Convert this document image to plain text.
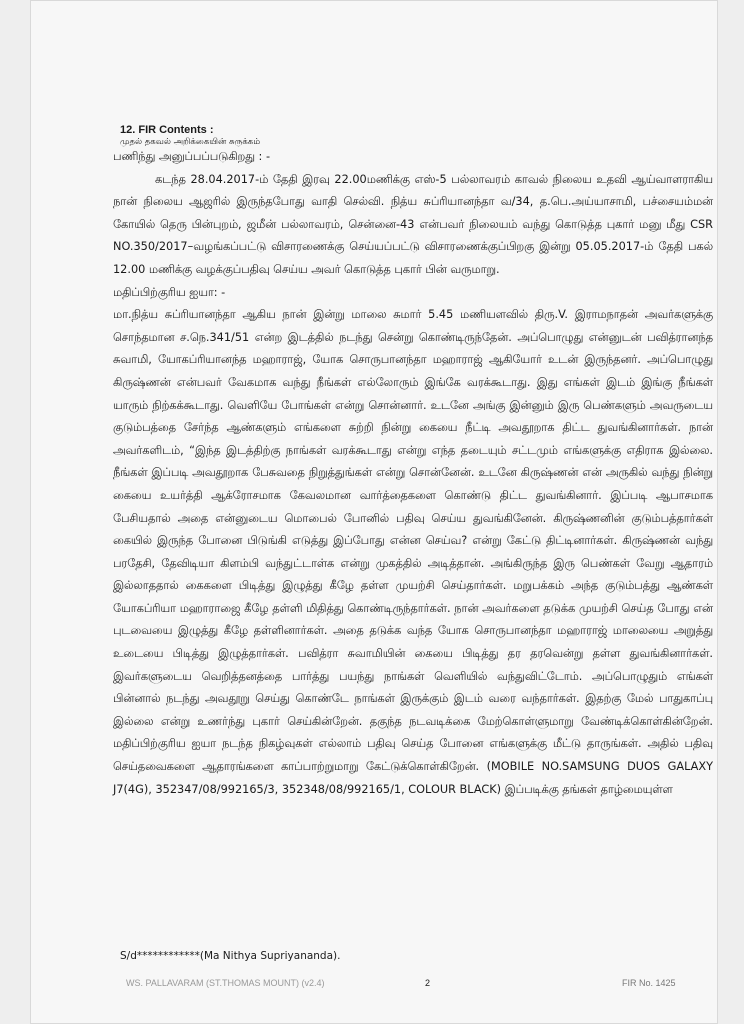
12. FIR Contents :
முதல் தகவல் அறிக்கையின் சுருக்கம்

பணிந்து அனுப்பப்படுகிறது : -

கடந்த 28.04.2017-ம் தேதி இரவு 22.00மணிக்கு எஸ்-5 பல்லாவரம் காவல் நிலைய உதவி ஆய்வாளராகிய நான் நிலைய ஆஜரில் இருந்தபோது வாதி செல்வி. நித்ய சுப்ரியானந்தா வ/34, த.பெ.அய்யாசாமி, பச்சையம்மன் கோயில் தெரு பின்புறம், ஜமீன் பல்லாவரம், சென்னை-43 என்பவர் நிலையம் வந்து கொடுத்த புகார் மனு மீது CSR NO.350/2017–வழங்கப்பட்டு விசாரணைக்கு செய்யப்பட்டு விசாரணைக்குப்பிறகு இன்று 05.05.2017-ம் தேதி பகல் 12.00 மணிக்கு வழக்குப்பதிவு செய்ய அவர் கொடுத்த புகார் பின் வருமாறு.

மதிப்பிற்குரிய ஐயா: -

மா.நித்ய சுப்ரியானந்தா ஆகிய நான் இன்று மாலை சுமார் 5.45 மணியளவில் திரு.V. இராமநாதன் அவர்களுக்கு சொந்தமான ச.நெ.341/51 என்ற இடத்தில் நடந்து சென்று கொண்டிருந்தேன். அப்பொழுது என்னுடன் பவித்ரானந்த சுவாமி, யோகப்ரியானந்த மஹாராஜ், யோக சொருபானந்தா மஹாராஜ் ஆகியோர் உடன் இருந்தனர். அப்பொழுது கிருஷ்ணன் என்பவர் வேகமாக வந்து நீங்கள் எல்லோரும் இங்கே வரக்கூடாது. இது எங்கள் இடம் இங்கு நீங்கள் யாரும் நிற்கக்கூடாது. வெளியே போங்கள் என்று சொன்னார். உடனே அங்கு இன்னும் இரு பெண்களும் அவருடைய குடும்பத்தை சேர்ந்த ஆண்களும் எங்களை சுற்றி நின்று கையை நீட்டி அவதூறாக திட்ட துவங்கினார்கள். நான் அவர்களிடம், “இந்த இடத்திற்கு நாங்கள் வரக்கூடாது என்று எந்த தடையும் சட்டமும் எங்களுக்கு எதிராக இல்லை. நீங்கள் இப்படி அவதூறாக பேசுவதை நிறுத்துங்கள் என்று சொன்னேன். உடனே கிருஷ்ணன் என் அருகில் வந்து நின்று கையை உயர்த்தி ஆக்ரோசமாக கேவலமான வார்த்தைகளை கொண்டு திட்ட துவங்கினார். இப்படி ஆபாசமாக பேசியதால் அதை என்னுடைய மொபைல் போனில் பதிவு செய்ய துவங்கினேன். கிருஷ்ணனின் குடும்பத்தார்கள் கையில் இருந்த போனை பிடுங்கி எடுத்து இப்போது என்ன செய்வ? என்று கேட்டு திட்டினார்கள். கிருஷ்ணன் வந்து பரதேசி, தேவிடியா கிளம்பி வந்துட்டாள்க என்று முகத்தில் அடித்தான். அங்கிருந்த இரு பெண்கள் வேறு ஆதாரம் இல்லாததால் கைகளை பிடித்து இழுத்து கீழே தள்ள முயற்சி செய்தார்கள். மறுபக்கம் அந்த குடும்பத்து ஆண்கள் யோகப்ரியா மஹாராஜை கீழே தள்ளி மிதித்து கொண்டிருந்தார்கள். நான் அவர்களை தடுக்க முயற்சி செய்த போது என் புடவையை இழுத்து கீழே தள்ளினார்கள். அதை தடுக்க வந்த யோக சொருபானந்தா மஹாராஜ் மாலையை அறுத்து உடையை பிடித்து இழுத்தார்கள். பவித்ரா சுவாமியின் கையை பிடித்து தர தரவென்று தள்ள துவங்கினார்கள். இவர்களுடைய வெறித்தனத்தை பார்த்து பயந்து நாங்கள் வெளியில் வந்துவிட்டோம். அப்பொழுதும் எங்கள் பின்னால் நடந்து அவதூறு செய்து கொண்டே நாங்கள் இருக்கும் இடம் வரை வந்தார்கள். இதற்கு மேல் பாதுகாப்பு இல்லை என்று உணர்ந்து புகார் செய்கின்றேன். தகுந்த நடவடிக்கை மேற்கொள்ளுமாறு வேண்டிக்கொள்கின்றேன். மதிப்பிற்குரிய ஐயா நடந்த நிகழ்வுகள் எல்லாம் பதிவு செய்த போனை எங்களுக்கு மீட்டு தாருங்கள். அதில் பதிவு செய்தவைகளை ஆதாரங்களை காப்பாற்றுமாறு கேட்டுக்கொள்கிறேன். (MOBILE NO.SAMSUNG DUOS GALAXY J7(4G), 352347/08/992165/3, 352348/08/992165/1, COLOUR BLACK) இப்படிக்கு தங்கள் தாழ்மையுள்ள

S/d************(Ma Nithya Supriyananda).
WS. PALLAVARAM (ST.THOMAS MOUNT) (v2.4)	2	FIR No. 1425
